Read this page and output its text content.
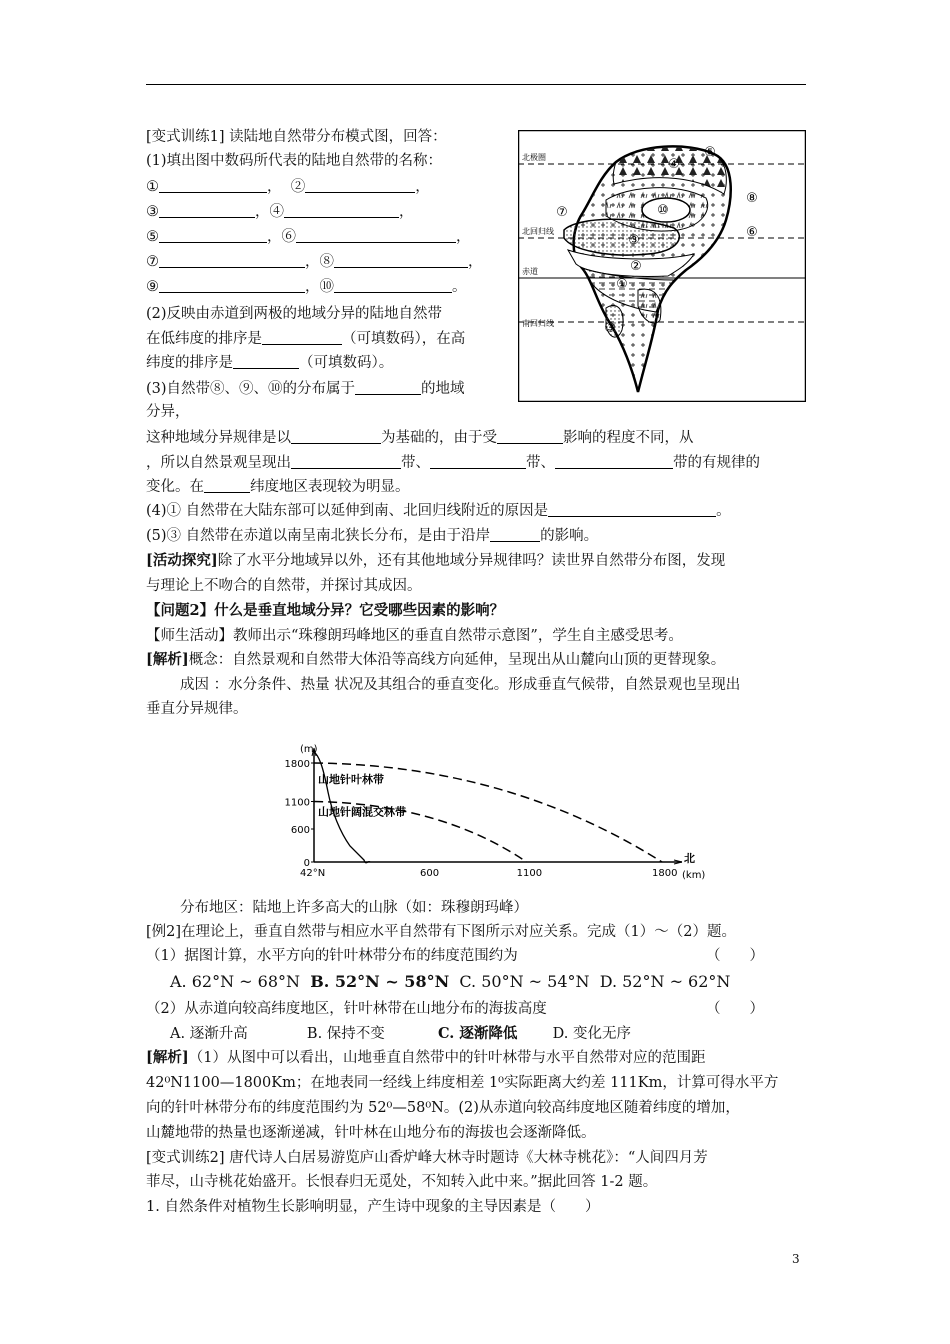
[变式训练1] 读陆地自然带分布模式图，回答：
(1)填出图中数码所代表的陆地自然带的名称：
①	，  ②	，
③	，④	，
⑤	，⑥	，
⑦	，⑧	，
⑨	，⑩	。
(2)反映由赤道到两极的地域分异的陆地自然带
在低纬度的排序是	（可填数码），在高
纬度的排序是	（可填数码）。
(3)自然带⑧、⑨、⑩的分布属于	的地域
分异，
这种地域分异规律是以	为基础的，由于受	影响的程度不同，从
，所以自然景观呈现出	带、	带、	带的有规律的
变化。在	纬度地区表现较为明显。
(4)① 自然带在大陆东部可以延伸到南、北回归线附近的原因是	。
(5)③ 自然带在赤道以南呈南北狭长分布，是由于沿岸	的影响。
北极圈
北回归线
赤道
南回归线
⑤
④
⑧
⑩
⑦
⑥
③
②
①
③
[活动探究]除了水平分地域异以外，还有其他地域分异规律吗？读世界自然带分布图，发现
与理论上不吻合的自然带，并探讨其成因。
【问题2】什么是垂直地域分异？它受哪些因素的影响？
【师生活动】教师出示“珠穆朗玛峰地区的垂直自然带示意图”，学生自主感受思考。
[解析]概念：自然景观和自然带大体沿等高线方向延伸，呈现出从山麓向山顶的更替现象。
成因 ：水分条件、热量 状况及其组合的垂直变化。形成垂直气候带，自然景观也呈现出
垂直分异规律。
(m)
北
(km)
42°N	600	1100	1800
1800
1100
600
0
山地针叶林带
山地针阔混交林带
分布地区：陆地上许多高大的山脉（如：珠穆朗玛峰）
[例2]在理论上，垂直自然带与相应水平自然带有下图所示对应关系。完成（1）～（2）题。
（1）据图计算，水平方向的针叶林带分布的纬度范围约为	（　　）
A. 62°N ~ 68°N B. 52°N ~ 58°N C. 50°N ~ 54°N D. 52°N ~ 62°N
（2）从赤道向较高纬度地区，针叶林带在山地分布的海拔高度	（　　）
A. 逐渐升高	B. 保持不变	C. 逐渐降低 D. 变化无序
[解析]（1）从图中可以看出，山地垂直自然带中的针叶林带与水平自然带对应的范围距
42⁰N1100—1800Km；在地表同一经线上纬度相差 1⁰实际距离大约差 111Km，计算可得水平方
向的针叶林带分布的纬度范围约为 52⁰—58⁰N。(2)从赤道向较高纬度地区随着纬度的增加，
山麓地带的热量也逐渐递减，针叶林在山地分布的海拔也会逐渐降低。
[变式训练2] 唐代诗人白居易游览庐山香炉峰大林寺时题诗《大林寺桃花》：“人间四月芳
菲尽，山寺桃花始盛开。长恨春归无觅处，不知转入此中来。”据此回答 1-2 题。
1. 自然条件对植物生长影响明显，产生诗中现象的主导因素是（　　）
3
